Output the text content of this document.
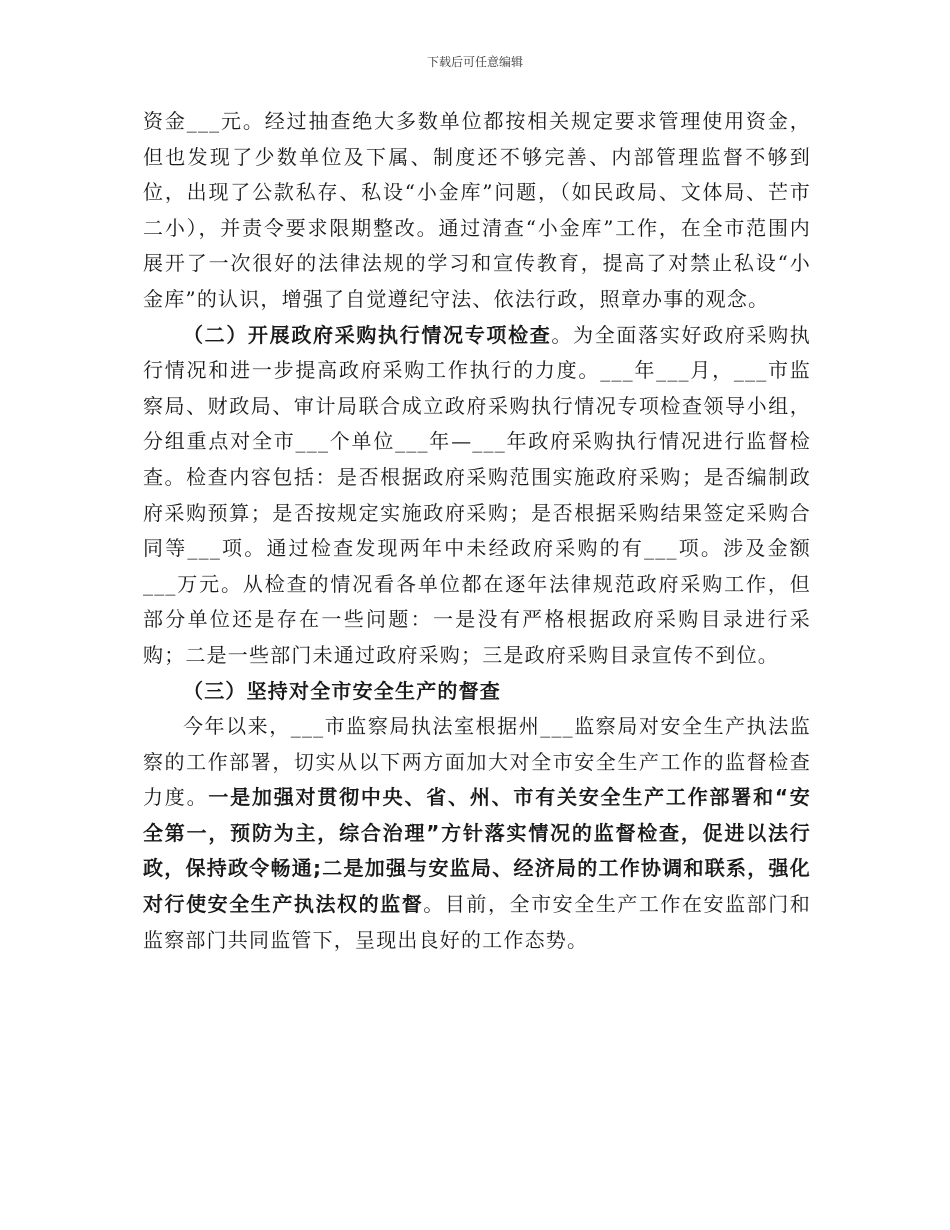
下载后可任意编辑

资金___元。经过抽查绝大多数单位都按相关规定要求管理使用资金，但也发现了少数单位及下属、制度还不够完善、内部管理监督不够到位，出现了公款私存、私设“小金库”问题，（如民政局、文体局、芒市二小），并责令要求限期整改。通过清查“小金库”工作，在全市范围内展开了一次很好的法律法规的学习和宣传教育，提高了对禁止私设“小金库”的认识，增强了自觉遵纪守法、依法行政，照章办事的观念。

（二）开展政府采购执行情况专项检查。为全面落实好政府采购执行情况和进一步提高政府采购工作执行的力度。___年___月，___市监察局、财政局、审计局联合成立政府采购执行情况专项检查领导小组，分组重点对全市___个单位___年—___年政府采购执行情况进行监督检查。检查内容包括：是否根据政府采购范围实施政府采购；是否编制政府采购预算；是否按规定实施政府采购；是否根据采购结果签定采购合同等___项。通过检查发现两年中未经政府采购的有___项。涉及金额___万元。从检查的情况看各单位都在逐年法律规范政府采购工作，但部分单位还是存在一些问题：一是没有严格根据政府采购目录进行采购；二是一些部门未通过政府采购；三是政府采购目录宣传不到位。

（三）坚持对全市安全生产的督查

今年以来，___市监察局执法室根据州___监察局对安全生产执法监察的工作部署，切实从以下两方面加大对全市安全生产工作的监督检查力度。一是加强对贯彻中央、省、州、市有关安全生产工作部署和“安全第一，预防为主，综合治理”方针落实情况的监督检查，促进以法行政，保持政令畅通;二是加强与安监局、经济局的工作协调和联系，强化对行使安全生产执法权的监督。目前，全市安全生产工作在安监部门和监察部门共同监管下，呈现出良好的工作态势。
